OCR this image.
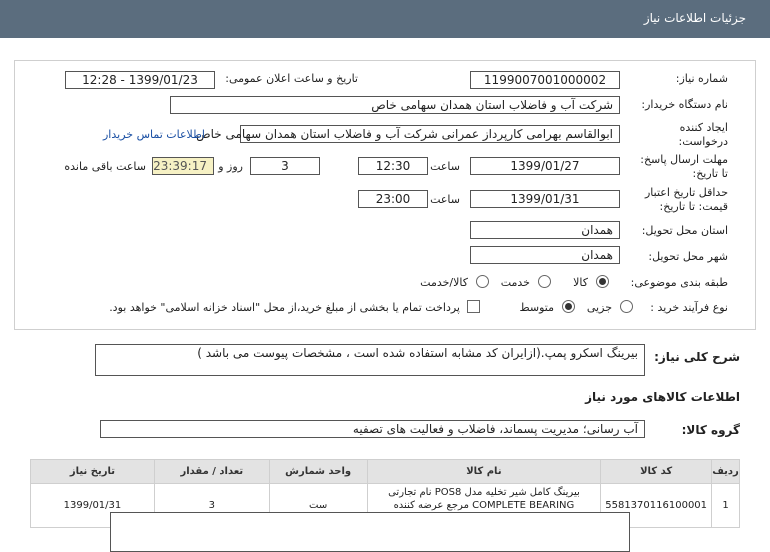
جزئیات اطلاعات نیاز
شماره نیاز:
1199007001000002
تاریخ و ساعت اعلان عمومی:
1399/01/23 - 12:28
نام دستگاه خریدار:
شرکت آب و فاضلاب استان همدان سهامی خاص
ایجاد کننده
درخواست:
ابوالقاسم بهرامی کارپرداز عمرانی شرکت آب و فاضلاب استان همدان سهامی خاص
اطلاعات تماس خریدار
مهلت ارسال پاسخ:
تا تاریخ:
1399/01/27
ساعت
12:30
3
روز و
23:39:17
ساعت باقی مانده
حداقل تاریخ اعتبار
قیمت: تا تاریخ:
1399/01/31
ساعت
23:00
استان محل تحویل:
همدان
شهر محل تحویل:
همدان
طبقه بندی موضوعی:
کالا
خدمت
کالا/خدمت
نوع فرآیند خرید :
جزیی
متوسط
پرداخت تمام یا بخشی از مبلغ خرید،از محل "اسناد خزانه اسلامی" خواهد بود.
شرح کلی نیاز:
بیرینگ اسکرو پمپ.(ازایران کد مشابه استفاده شده است ، مشخصات پیوست می باشد )
اطلاعات کالاهای مورد نیاز
گروه کالا:
آب رسانی؛ مدیریت پسماند، فاضلاب و فعالیت های تصفیه
ردیف	کد کالا	نام کالا	واحد شمارش	تعداد / مقدار	تاریخ نیاز
1	5581370116100001	بیرینگ کامل شیر تخلیه مدل POS8 نام تجارتی COMPLETE BEARING مرجع عرضه کننده	ست	3	1399/01/31
